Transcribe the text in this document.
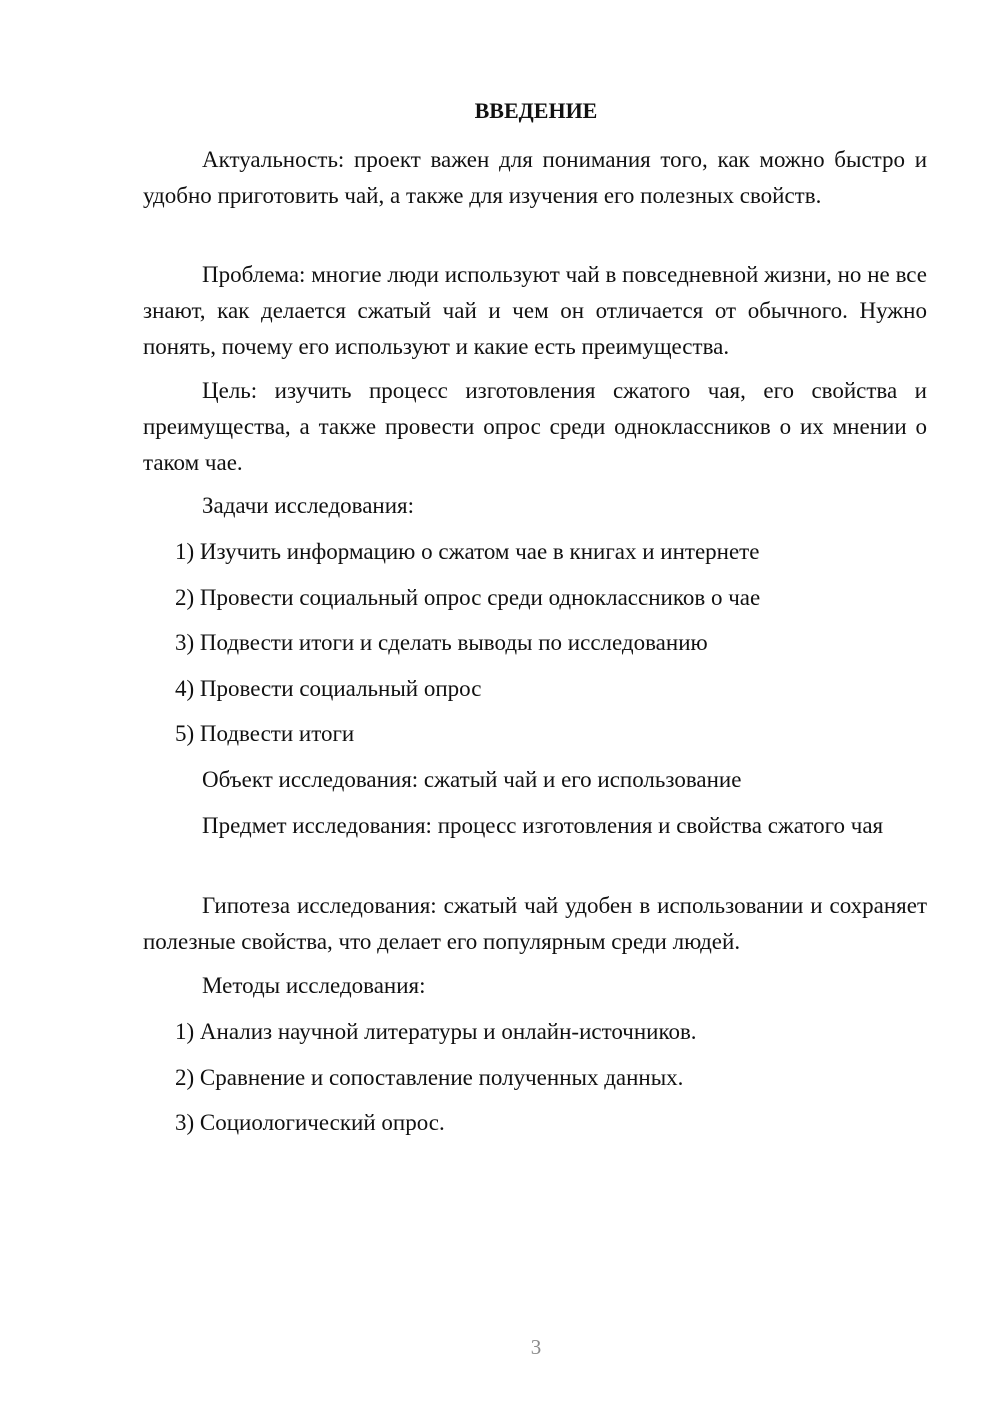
ВВЕДЕНИЕ

Актуальность: проект важен для понимания того, как можно быстро и удобно приготовить чай, а также для изучения его полезных свойств.

Проблема: многие люди используют чай в повседневной жизни, но не все знают, как делается сжатый чай и чем он отличается от обычного. Нужно понять, почему его используют и какие есть преимущества.

Цель: изучить процесс изготовления сжатого чая, его свойства и преимущества, а также провести опрос среди одноклассников о их мнении о таком чае.

Задачи исследования:

1) Изучить информацию о сжатом чае в книгах и интернете

2) Провести социальный опрос среди одноклассников о чае

3) Подвести итоги и сделать выводы по исследованию

4) Провести социальный опрос

5) Подвести итоги

Объект исследования: сжатый чай и его использование

Предмет исследования: процесс изготовления и свойства сжатого чая

Гипотеза исследования: сжатый чай удобен в использовании и сохраняет полезные свойства, что делает его популярным среди людей.

Методы исследования:

1) Анализ научной литературы и онлайн-источников.

2) Сравнение и сопоставление полученных данных.

3) Социологический опрос.

3
